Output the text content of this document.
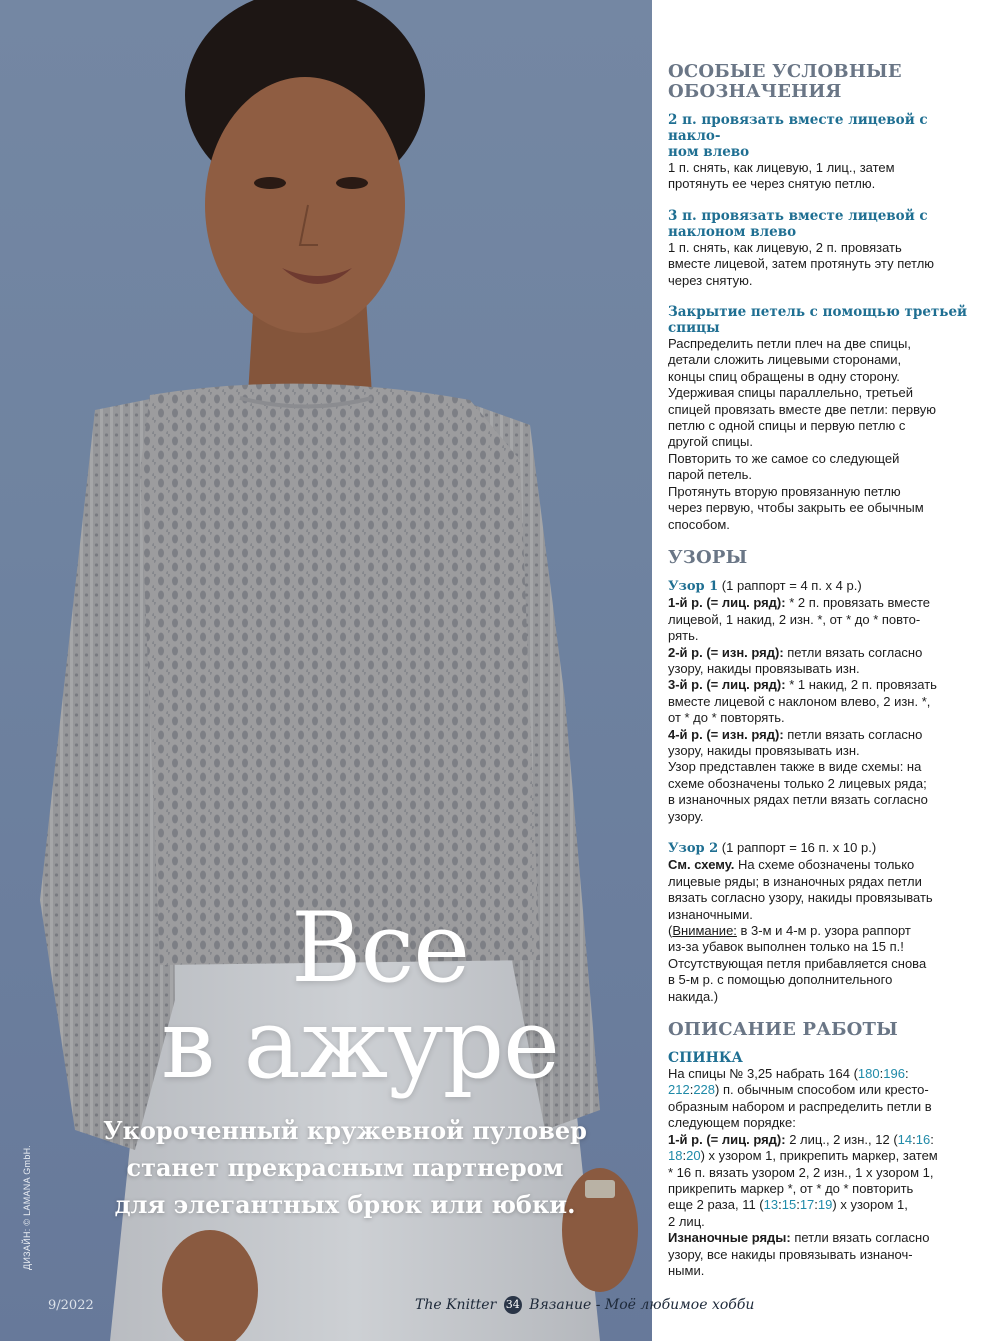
Все
в ажуре
Укороченный кружевной пуловер
станет прекрасным партнером
для элегантных брюк или юбки.
ДИЗАЙН: © LAMANA GmbH.
9/2022	The Knitter 34 Вязание - Моё любимое хобби
ОСОБЫЕ УСЛОВНЫЕ
ОБОЗНАЧЕНИЯ
2 п. провязать вместе лицевой с накло-
ном влево
1 п. снять, как лицевую, 1 лиц., затем
протянуть ее через снятую петлю.
3 п. провязать вместе лицевой с
наклоном влево
1 п. снять, как лицевую, 2 п. провязать
вместе лицевой, затем протянуть эту петлю
через снятую.
Закрытие петель с помощью третьей
спицы
Распределить петли плеч на две спицы,
детали сложить лицевыми сторонами,
концы спиц обращены в одну сторону.
Удерживая спицы параллельно, третьей
спицей провязать вместе две петли: первую
петлю с одной спицы и первую петлю с
другой спицы.
Повторить то же самое со следующей
парой петель.
Протянуть вторую провязанную петлю
через первую, чтобы закрыть ее обычным
способом.
УЗОРЫ
Узор 1 (1 раппорт = 4 п. х 4 р.)
1-й р. (= лиц. ряд): * 2 п. провязать вместе
лицевой, 1 накид, 2 изн. *, от * до * повто-
рять.
2-й р. (= изн. ряд): петли вязать согласно
узору, накиды провязывать изн.
3-й р. (= лиц. ряд): * 1 накид, 2 п. провязать
вместе лицевой с наклоном влево, 2 изн. *,
от * до * повторять.
4-й р. (= изн. ряд): петли вязать согласно
узору, накиды провязывать изн.
Узор представлен также в виде схемы: на
схеме обозначены только 2 лицевых ряда;
в изнаночных рядах петли вязать согласно
узору.
Узор 2 (1 раппорт = 16 п. х 10 р.)
См. схему. На схеме обозначены только
лицевые ряды; в изнаночных рядах петли
вязать согласно узору, накиды провязывать
изнаночными.
(Внимание: в 3-м и 4-м р. узора раппорт
из-за убавок выполнен только на 15 п.!
Отсутствующая петля прибавляется снова
в 5-м р. с помощью дополнительного
накида.)
ОПИСАНИЕ РАБОТЫ
СПИНКА
На спицы № 3,25 набрать 164 (180:196:
212:228) п. обычным способом или кресто-
образным набором и распределить петли в
следующем порядке:
1-й р. (= лиц. ряд): 2 лиц., 2 изн., 12 (14:16:
18:20) х узором 1, прикрепить маркер, затем
* 16 п. вязать узором 2, 2 изн., 1 х узором 1,
прикрепить маркер *, от * до * повторить
еще 2 раза, 11 (13:15:17:19) х узором 1,
2 лиц.
Изнаночные ряды: петли вязать согласно
узору, все накиды провязывать изнаноч-
ными.
